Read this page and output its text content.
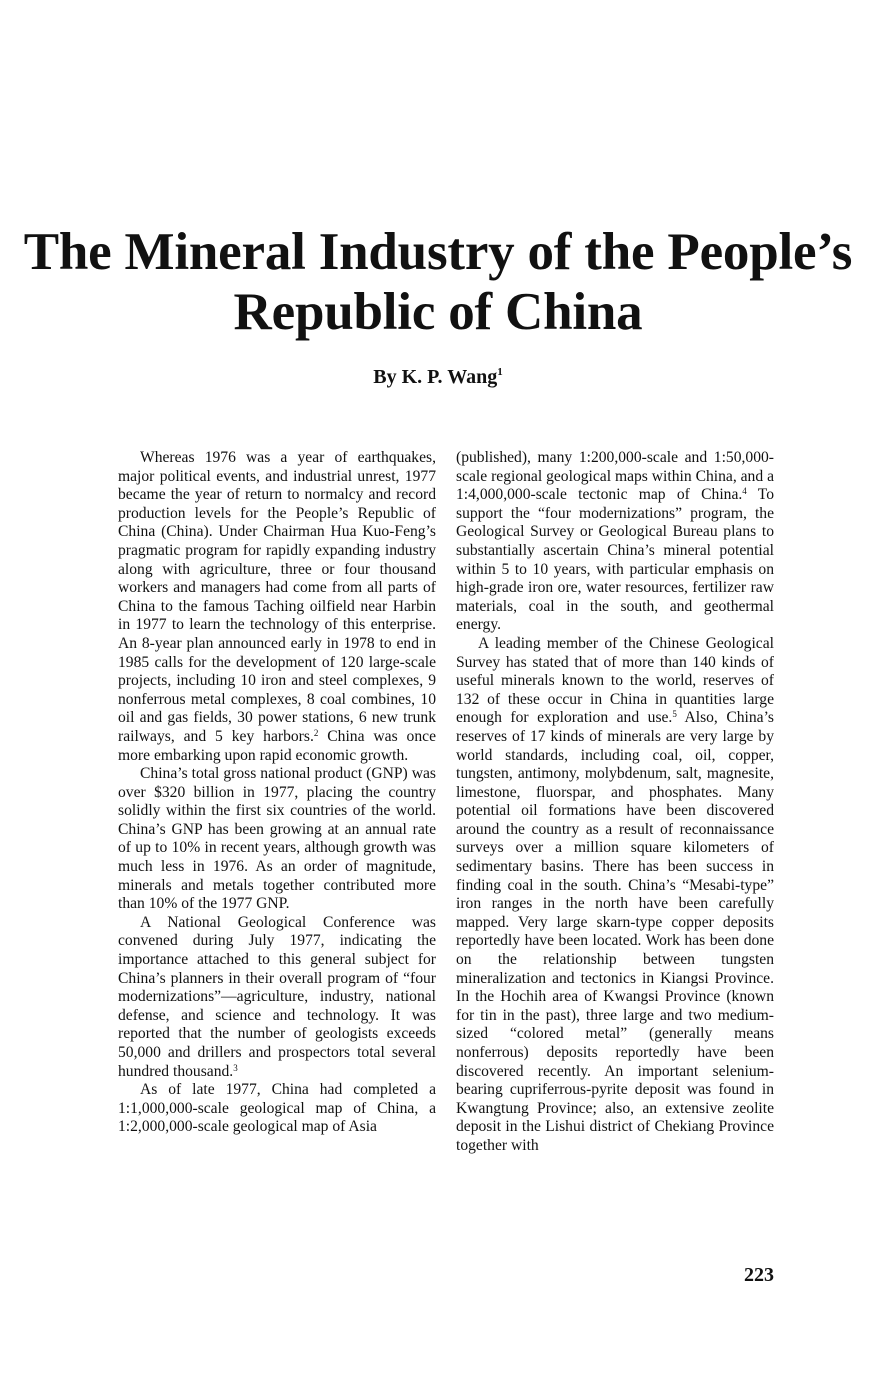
The Mineral Industry of the People’s Republic of China
By K. P. Wang$^1$

Whereas 1976 was a year of earthquakes, major political events, and industrial unrest, 1977 became the year of return to normalcy and record production levels for the People’s Republic of China (China). Under Chairman Hua Kuo-Feng’s pragmatic program for rapidly expanding industry along with agriculture, three or four thousand workers and managers had come from all parts of China to the famous Taching oilfield near Harbin in 1977 to learn the technology of this enterprise. An 8-year plan announced early in 1978 to end in 1985 calls for the development of 120 large-scale projects, including 10 iron and steel complexes, 9 nonferrous metal complexes, 8 coal combines, 10 oil and gas fields, 30 power stations, 6 new trunk railways, and 5 key harbors.$^2$ China was once more embarking upon rapid economic growth.

China’s total gross national product (GNP) was over $320 billion in 1977, placing the country solidly within the first six countries of the world. China’s GNP has been growing at an annual rate of up to 10% in recent years, although growth was much less in 1976. As an order of magnitude, minerals and metals together contributed more than 10% of the 1977 GNP.

A National Geological Conference was convened during July 1977, indicating the importance attached to this general subject for China’s planners in their overall program of “four modernizations”—agriculture, industry, national defense, and science and technology. It was reported that the number of geologists exceeds 50,000 and drillers and prospectors total several hundred thousand.$^3$

As of late 1977, China had completed a 1:1,000,000-scale geological map of China, a 1:2,000,000-scale geological map of Asia

(published), many 1:200,000-scale and 1:50,000-scale regional geological maps within China, and a 1:4,000,000-scale tectonic map of China.$^4$ To support the “four modernizations” program, the Geological Survey or Geological Bureau plans to substantially ascertain China’s mineral potential within 5 to 10 years, with particular emphasis on high-grade iron ore, water resources, fertilizer raw materials, coal in the south, and geothermal energy.

A leading member of the Chinese Geological Survey has stated that of more than 140 kinds of useful minerals known to the world, reserves of 132 of these occur in China in quantities large enough for exploration and use.$^5$ Also, China’s reserves of 17 kinds of minerals are very large by world standards, including coal, oil, copper, tungsten, antimony, molybdenum, salt, magnesite, limestone, fluorspar, and phosphates. Many potential oil formations have been discovered around the country as a result of reconnaissance surveys over a million square kilometers of sedimentary basins. There has been success in finding coal in the south. China’s “Mesabi-type” iron ranges in the north have been carefully mapped. Very large skarn-type copper deposits reportedly have been located. Work has been done on the relationship between tungsten mineralization and tectonics in Kiangsi Province. In the Hochih area of Kwangsi Province (known for tin in the past), three large and two medium-sized “colored metal” (generally means nonferrous) deposits reportedly have been discovered recently. An important selenium-bearing cupriferrous-pyrite deposit was found in Kwangtung Province; also, an extensive zeolite deposit in the Lishui district of Chekiang Province together with

223
